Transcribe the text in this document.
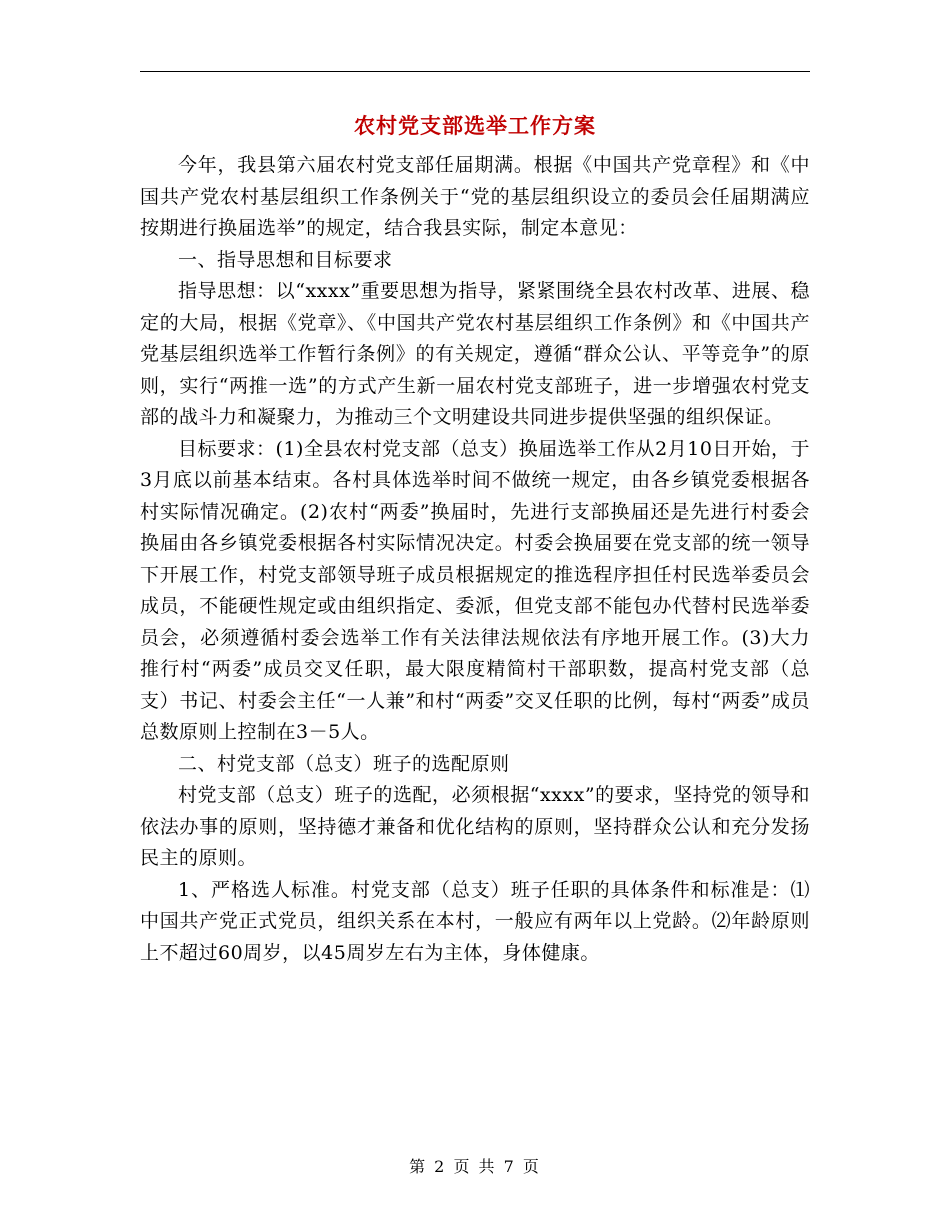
农村党支部选举工作方案

今年，我县第六届农村党支部任届期满。根据《中国共产党章程》和《中国共产党农村基层组织工作条例关于“党的基层组织设立的委员会任届期满应按期进行换届选举”的规定，结合我县实际，制定本意见：

一、指导思想和目标要求

指导思想：以“xxxx”重要思想为指导，紧紧围绕全县农村改革、进展、稳定的大局，根据《党章》、《中国共产党农村基层组织工作条例》和《中国共产党基层组织选举工作暂行条例》的有关规定，遵循“群众公认、平等竞争”的原则，实行“两推一选”的方式产生新一届农村党支部班子，进一步增强农村党支部的战斗力和凝聚力，为推动三个文明建设共同进步提供坚强的组织保证。

目标要求：(1)全县农村党支部（总支）换届选举工作从2月10日开始，于3月底以前基本结束。各村具体选举时间不做统一规定，由各乡镇党委根据各村实际情况确定。(2)农村“两委”换届时，先进行支部换届还是先进行村委会换届由各乡镇党委根据各村实际情况决定。村委会换届要在党支部的统一领导下开展工作，村党支部领导班子成员根据规定的推选程序担任村民选举委员会成员，不能硬性规定或由组织指定、委派，但党支部不能包办代替村民选举委员会，必须遵循村委会选举工作有关法律法规依法有序地开展工作。(3)大力推行村“两委”成员交叉任职，最大限度精简村干部职数，提高村党支部（总支）书记、村委会主任“一人兼”和村“两委”交叉任职的比例，每村“两委”成员总数原则上控制在3－5人。

二、村党支部（总支）班子的选配原则

村党支部（总支）班子的选配，必须根据“xxxx”的要求，坚持党的领导和依法办事的原则，坚持德才兼备和优化结构的原则，坚持群众公认和充分发扬民主的原则。

1、严格选人标准。村党支部（总支）班子任职的具体条件和标准是：⑴中国共产党正式党员，组织关系在本村，一般应有两年以上党龄。⑵年龄原则上不超过60周岁，以45周岁左右为主体，身体健康。

第 2 页 共 7 页
